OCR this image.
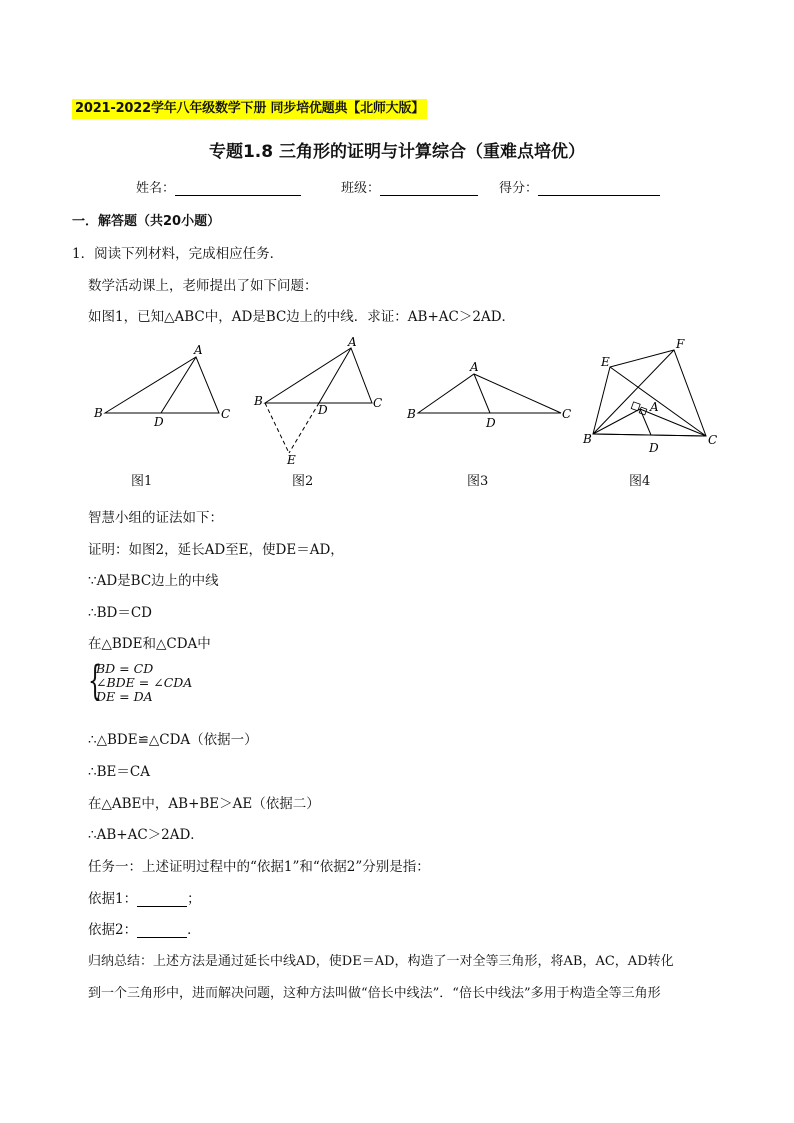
2021-2022学年八年级数学下册 同步培优题典【北师大版】
专题1.8 三角形的证明与计算综合（重难点培优）
姓名：	班级：	得分：
一．解答题（共20小题）
1．阅读下列材料，完成相应任务．
数学活动课上，老师提出了如下问题：
如图1，已知△ABC中，AD是BC边上的中线．求证：AB+AC＞2AD．
A
B	C
D
A
B	C
D
E
A
B	C
D
E
F
A
B	C
D
图1	图2	图3	图4
智慧小组的证法如下：
证明：如图2，延长AD至E，使DE＝AD，
∵AD是BC边上的中线
∴BD＝CD
在△BDE和△CDA中
{
BD = CD
∠BDE = ∠CDA
DE = DA
∴△BDE≌△CDA（依据一）
∴BE＝CA
在△ABE中，AB+BE＞AE（依据二）
∴AB+AC＞2AD．
任务一：上述证明过程中的“依据1”和“依据2”分别是指：
依据1：	；
依据2：	．
归纳总结：上述方法是通过延长中线AD，使DE＝AD，构造了一对全等三角形，将AB，AC，AD转化
到一个三角形中，进而解决问题，这种方法叫做“倍长中线法”．“倍长中线法”多用于构造全等三角形
